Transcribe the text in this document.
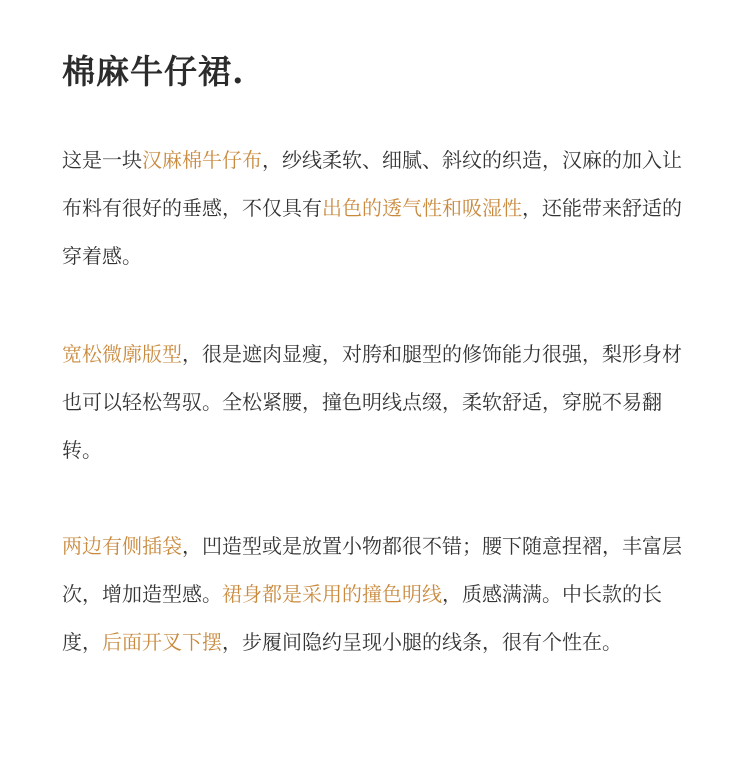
棉麻牛仔裙.

这是一块汉麻棉牛仔布，纱线柔软、细腻、斜纹的织造，汉麻的加入让布料有很好的垂感，不仅具有出色的透气性和吸湿性，还能带来舒适的穿着感。

宽松微廓版型，很是遮肉显瘦，对胯和腿型的修饰能力很强，梨形身材也可以轻松驾驭。全松紧腰，撞色明线点缀，柔软舒适，穿脱不易翻转。

两边有侧插袋，凹造型或是放置小物都很不错；腰下随意捏褶，丰富层次，增加造型感。裙身都是采用的撞色明线，质感满满。中长款的长度，后面开叉下摆，步履间隐约呈现小腿的线条，很有个性在。
